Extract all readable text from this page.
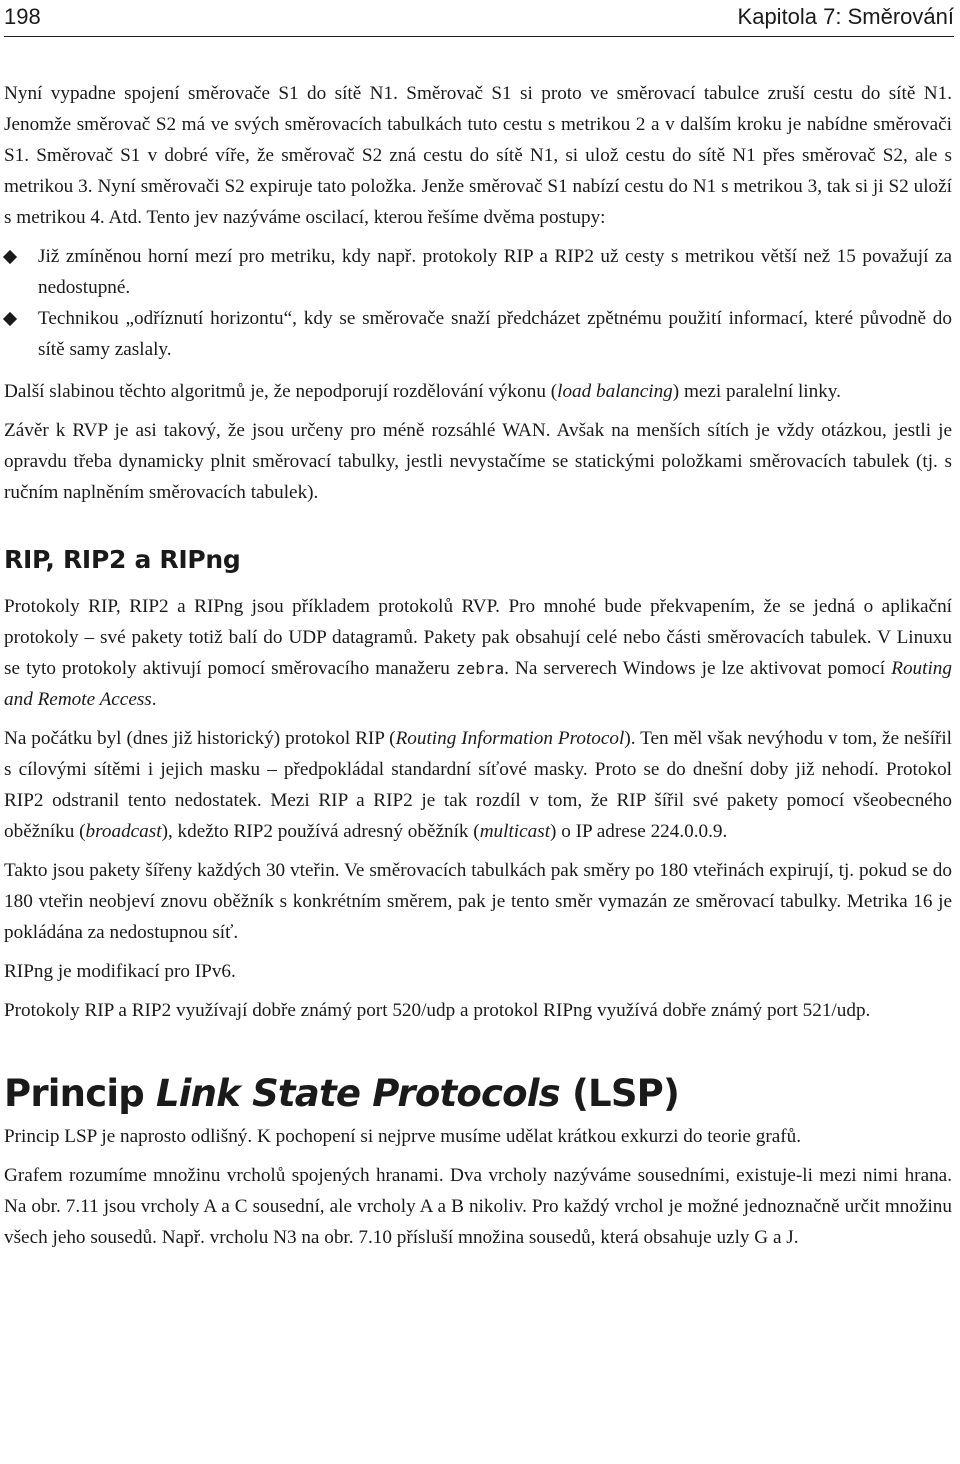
198	Kapitola 7: Směrování

Nyní vypadne spojení směrovače S1 do sítě N1. Směrovač S1 si proto ve směrovací tabulce zruší cestu do sítě N1. Jenomže směrovač S2 má ve svých směrovacích tabulkách tuto cestu s metrikou 2 a v dalším kroku je nabídne směrovači S1. Směrovač S1 v dobré víře, že směrovač S2 zná cestu do sítě N1, si ulož cestu do sítě N1 přes směrovač S2, ale s metrikou 3. Nyní směrovači S2 expiruje tato položka. Jenže směrovač S1 nabízí cestu do N1 s metrikou 3, tak si ji S2 uloží s metrikou 4. Atd. Tento jev nazýváme oscilací, kterou řešíme dvěma postupy:

Již zmíněnou horní mezí pro metriku, kdy např. protokoly RIP a RIP2 už cesty s metrikou větší než 15 považují za nedostupné.
Technikou „odříznutí horizontu“, kdy se směrovače snaží předcházet zpětnému použití informací, které původně do sítě samy zaslaly.

Další slabinou těchto algoritmů je, že nepodporují rozdělování výkonu (load balancing) mezi paralelní linky.

Závěr k RVP je asi takový, že jsou určeny pro méně rozsáhlé WAN. Avšak na menších sítích je vždy otázkou, jestli je opravdu třeba dynamicky plnit směrovací tabulky, jestli nevystačíme se statickými položkami směrovacích tabulek (tj. s ručním naplněním směrovacích tabulek).

RIP, RIP2 a RIPng

Protokoly RIP, RIP2 a RIPng jsou příkladem protokolů RVP. Pro mnohé bude překvapením, že se jedná o aplikační protokoly – své pakety totiž balí do UDP datagramů. Pakety pak obsahují celé nebo části směrovacích tabulek. V Linuxu se tyto protokoly aktivují pomocí směrovacího manažeru zebra. Na serverech Windows je lze aktivovat pomocí Routing and Remote Access.

Na počátku byl (dnes již historický) protokol RIP (Routing Information Protocol). Ten měl však nevýhodu v tom, že nešířil s cílovými sítěmi i jejich masku – předpokládal standardní síťové masky. Proto se do dnešní doby již nehodí. Protokol RIP2 odstranil tento nedostatek. Mezi RIP a RIP2 je tak rozdíl v tom, že RIP šířil své pakety pomocí všeobecného oběžníku (broadcast), kdežto RIP2 používá adresný oběžník (multicast) o IP adrese 224.0.0.9.

Takto jsou pakety šířeny každých 30 vteřin. Ve směrovacích tabulkách pak směry po 180 vteřinách expirují, tj. pokud se do 180 vteřin neobjeví znovu oběžník s konkrétním směrem, pak je tento směr vymazán ze směrovací tabulky. Metrika 16 je pokládána za nedostupnou síť.

RIPng je modifikací pro IPv6.

Protokoly RIP a RIP2 využívají dobře známý port 520/udp a protokol RIPng využívá dobře známý port 521/udp.

Princip Link State Protocols (LSP)

Princip LSP je naprosto odlišný. K pochopení si nejprve musíme udělat krátkou exkurzi do teorie grafů.

Grafem rozumíme množinu vrcholů spojených hranami. Dva vrcholy nazýváme sousedními, existuje-li mezi nimi hrana. Na obr. 7.11 jsou vrcholy A a C sousední, ale vrcholy A a B nikoliv. Pro každý vrchol je možné jednoznačně určit množinu všech jeho sousedů. Např. vrcholu N3 na obr. 7.10 přísluší množina sousedů, která obsahuje uzly G a J.
